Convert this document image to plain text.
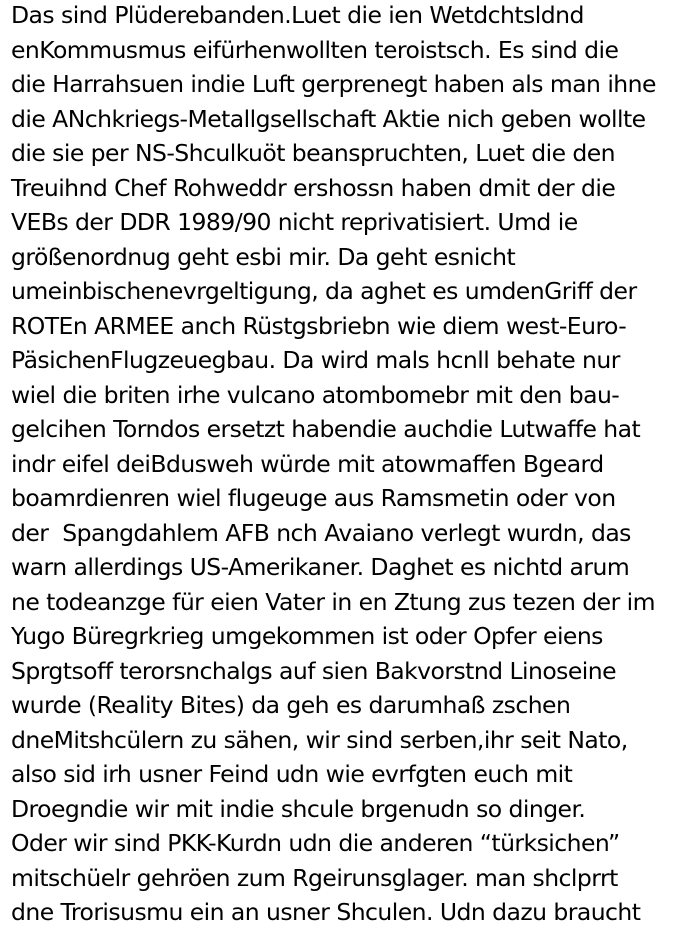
Das sind Plüderebanden.Luet die ien Wetdchtsldnd
enKommusmus eifürhenwollten teroistsch. Es sind die
die Harrahsuen indie Luft gerprenegt haben als man ihne
die ANchkriegs-Metallgsellschaft Aktie nich geben wollte
die sie per NS-Shculkuöt beanspruchten, Luet die den
Treuihnd Chef Rohweddr ershossn haben dmit der die
VEBs der DDR 1989/90 nicht reprivatisiert. Umd ie
größenordnug geht esbi mir. Da geht esnicht
umeinbischenevrgeltigung, da aghet es umdenGriff der
ROTEn ARMEE anch Rüstgsbriebn wie diem west-Euro-
PäsichenFlugzeuegbau. Da wird mals hcnll behate nur
wiel die briten irhe vulcano atombomebr mit den bau-
gelcihen Torndos ersetzt habendie auchdie Lutwaffe hat
indr eifel deiBdusweh würde mit atowmaffen Bgeard
boamrdienren wiel flugeuge aus Ramsmetin oder von
der  Spangdahlem AFB nch Avaiano verlegt wurdn, das
warn allerdings US-Amerikaner. Daghet es nichtd arum
ne todeanzge für eien Vater in en Ztung zus tezen der im
Yugo Büregrkrieg umgekommen ist oder Opfer eiens
Sprgtsoff terorsnchalgs auf sien Bakvorstnd Linoseine
wurde (Reality Bites) da geh es darumhaß zschen
dneMitshcülern zu sähen, wir sind serben,ihr seit Nato,
also sid irh usner Feind udn wie evrfgten euch mit
Droegndie wir mit indie shcule brgenudn so dinger.
Oder wir sind PKK-Kurdn udn die anderen “türksichen”
mitschüelr gehröen zum Rgeirunsglager. man shclprrt
dne Trorisusmu ein an usner Shculen. Udn dazu braucht
